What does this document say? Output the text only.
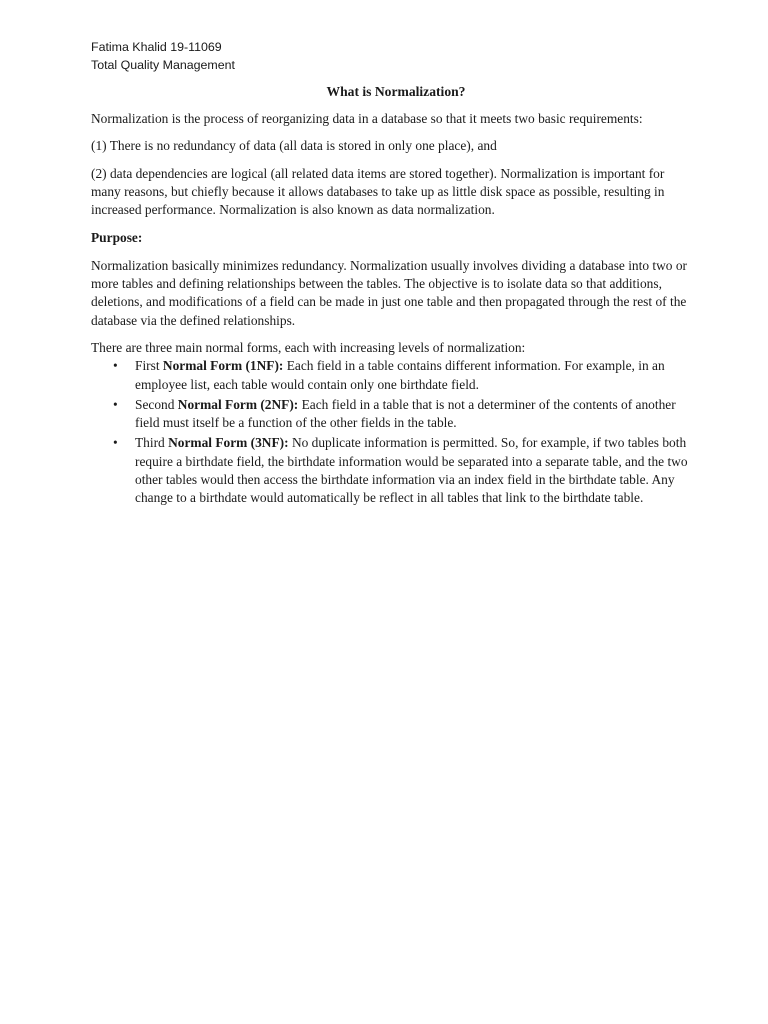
Fatima Khalid 19-11069
Total Quality Management
What is Normalization?

Normalization is the process of reorganizing data in a database so that it meets two basic requirements:

(1) There is no redundancy of data (all data is stored in only one place), and

(2) data dependencies are logical (all related data items are stored together). Normalization is important for many reasons, but chiefly because it allows databases to take up as little disk space as possible, resulting in increased performance. Normalization is also known as data normalization.

Purpose:

Normalization basically minimizes redundancy. Normalization usually involves dividing a database into two or more tables and defining relationships between the tables. The objective is to isolate data so that additions, deletions, and modifications of a field can be made in just one table and then propagated through the rest of the database via the defined relationships.

There are three main normal forms, each with increasing levels of normalization:

• First Normal Form (1NF): Each field in a table contains different information. For example, in an employee list, each table would contain only one birthdate field.
• Second Normal Form (2NF): Each field in a table that is not a determiner of the contents of another field must itself be a function of the other fields in the table.
• Third Normal Form (3NF): No duplicate information is permitted. So, for example, if two tables both require a birthdate field, the birthdate information would be separated into a separate table, and the two other tables would then access the birthdate information via an index field in the birthdate table. Any change to a birthdate would automatically be reflect in all tables that link to the birthdate table.
